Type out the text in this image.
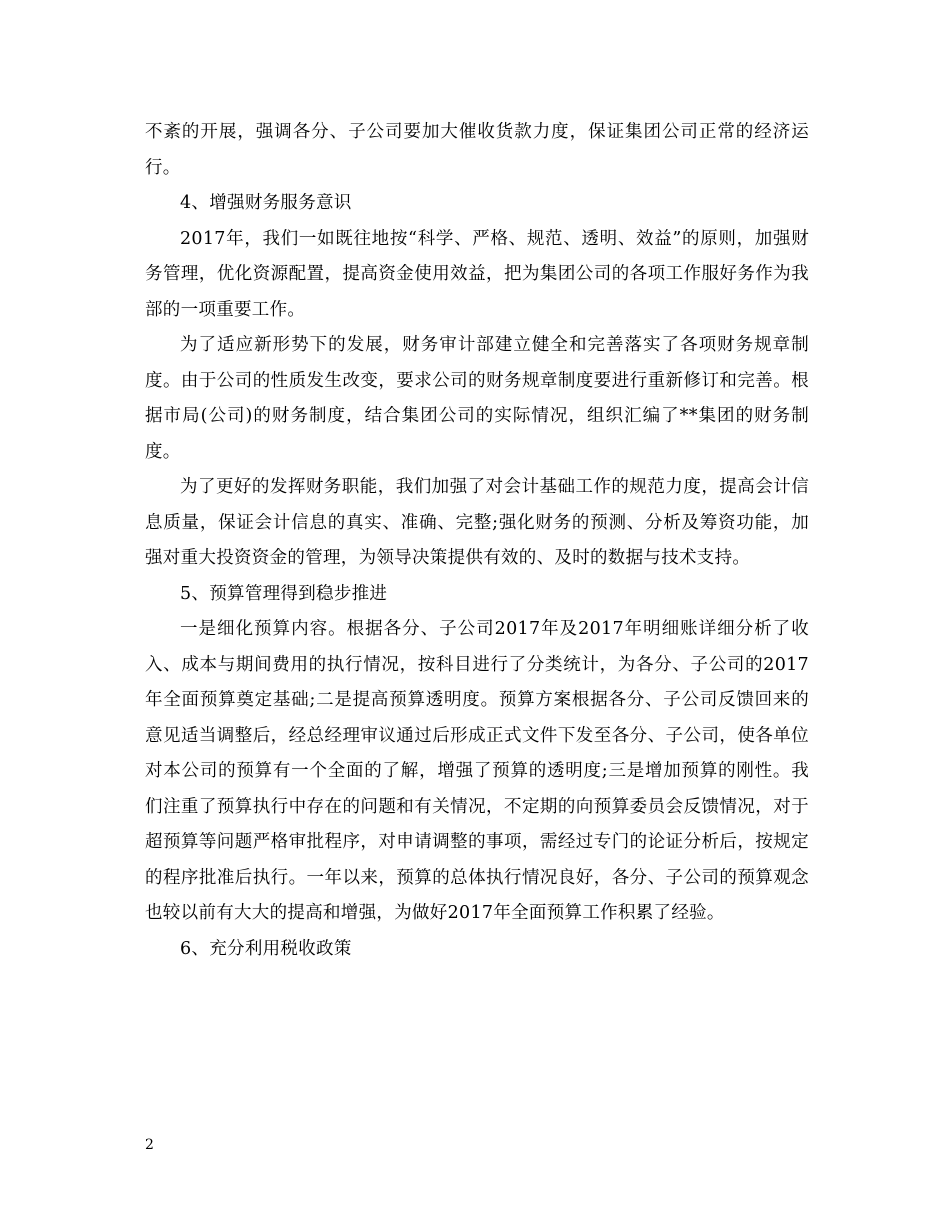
不紊的开展，强调各分、子公司要加大催收货款力度，保证集团公司正常的经济运行。

4、增强财务服务意识

2017年，我们一如既往地按“科学、严格、规范、透明、效益”的原则，加强财务管理，优化资源配置，提高资金使用效益，把为集团公司的各项工作服好务作为我部的一项重要工作。

为了适应新形势下的发展，财务审计部建立健全和完善落实了各项财务规章制度。由于公司的性质发生改变，要求公司的财务规章制度要进行重新修订和完善。根据市局(公司)的财务制度，结合集团公司的实际情况，组织汇编了**集团的财务制度。

为了更好的发挥财务职能，我们加强了对会计基础工作的规范力度，提高会计信息质量，保证会计信息的真实、准确、完整;强化财务的预测、分析及筹资功能，加强对重大投资资金的管理，为领导决策提供有效的、及时的数据与技术支持。

5、预算管理得到稳步推进

一是细化预算内容。根据各分、子公司2017年及2017年明细账详细分析了收入、成本与期间费用的执行情况，按科目进行了分类统计，为各分、子公司的2017年全面预算奠定基础;二是提高预算透明度。预算方案根据各分、子公司反馈回来的意见适当调整后，经总经理审议通过后形成正式文件下发至各分、子公司，使各单位对本公司的预算有一个全面的了解，增强了预算的透明度;三是增加预算的刚性。我们注重了预算执行中存在的问题和有关情况，不定期的向预算委员会反馈情况，对于超预算等问题严格审批程序，对申请调整的事项，需经过专门的论证分析后，按规定的程序批准后执行。一年以来，预算的总体执行情况良好，各分、子公司的预算观念也较以前有大大的提高和增强，为做好2017年全面预算工作积累了经验。

6、充分利用税收政策

2
